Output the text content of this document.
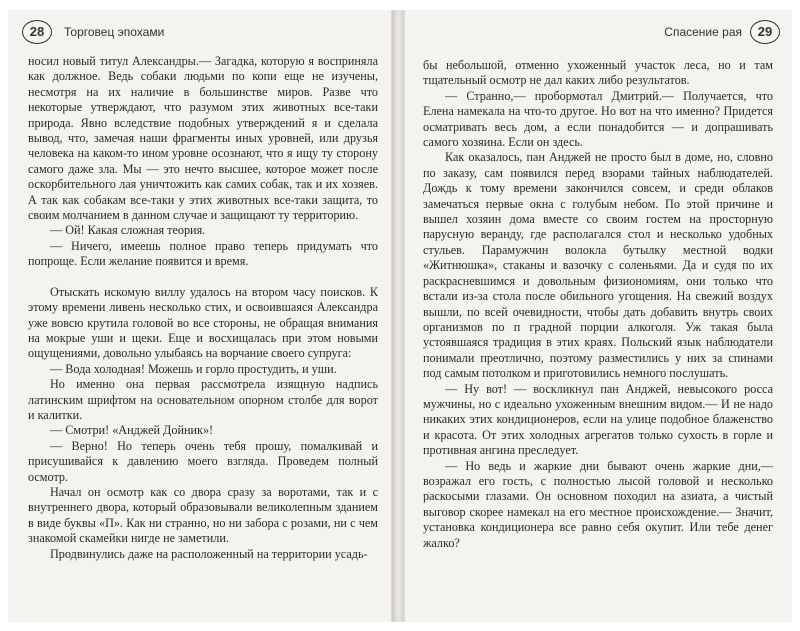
28	Торговец эпохами

носил новый титул Александры.— Загадка, которую я восприняла как должное. Ведь собаки людьми по копи еще не изучены, несмотря на их наличие в большинстве миров. Разве что некоторые утверждают, что разумом этих животных все-таки природа. Явно вследствие подобных утверждений я и сделала вывод, что, замечая наши фрагменты иных уровней, или друзья человека на каком-то ином уровне осознают, что я ищу ту сторону самого даже зла. Мы — это нечто высшее, которое может после оскорбительного лая уничтожить как самих собак, так и их хозяев. А так как собакам все-таки у этих животных все-таки защита, то своим молчанием в данном случае и защищают ту территорию.

— Ой! Какая сложная теория.

— Ничего, имеешь полное право теперь придумать что попроще. Если желание появится и время.

Отыскать искомую виллу удалось на втором часу поисков. К этому времени ливень несколько стих, и освоившаяся Александра уже вовсю крутила головой во все стороны, не обращая внимания на мокрые уши и щеки. Еще и восхищалась при этом новыми ощущениями, довольно улыбаясь на ворчание своего супруга:

— Вода холодная! Можешь и горло простудить, и уши.

Но именно она первая рассмотрела изящную надпись латинским шрифтом на основательном опорном столбе для ворот и калитки.

— Смотри! «Анджей Дойник»!

— Верно! Но теперь очень тебя прошу, помалкивай и присушивайся к давлению моего взгляда. Проведем полный осмотр.

Начал он осмотр как со двора сразу за воротами, так и с внутреннего двора, который образовывали великолепным зданием в виде буквы «П». Как ни странно, но ни забора с розами, ни с чем знакомой скамейки нигде не заметили.

Продвинулись даже на расположенный на территории усадь-

Спасение рая	29

бы небольшой, отменно ухоженный участок леса, но и там тщательный осмотр не дал каких либо результатов.

— Странно,— пробормотал Дмитрий.— Получается, что Елена намекала на что-то другое. Но вот на что именно? Придется осматривать весь дом, а если понадобится — и допрашивать самого хозяина. Если он здесь.

Как оказалось, пан Анджей не просто был в доме, но, словно по заказу, сам появился перед взорами тайных наблюдателей. Дождь к тому времени закончился совсем, и среди облаков замечаться первые окна с голубым небом. По этой причине и вышел хозяин дома вместе со своим гостем на просторную парусную веранду, где располагался стол и несколько удобных стульев. Парамужчин волокла бутылку местной водки «Житнюшка», стаканы и вазочку с соленьями. Да и судя по их раскрасневшимся и довольным физиономиям, они только что встали из-за стола после обильного угощения. На свежий воздух вышли, по всей очевидности, чтобы дать добавить внутрь своих организмов по п градной порции алкоголя. Уж такая была устоявшаяся традиция в этих краях. Польский язык наблюдатели понимали преотлично, поэтому разместились у них за спинами под самым потолком и приготовились немного послушать.

— Ну вот! — воскликнул пан Анджей, невысокого росса мужчины, но с идеально ухоженным внешним видом.— И не надо никаких этих кондиционеров, если на улице подобное блаженство и красота. От этих холодных агрегатов только сухость в горле и противная ангина преследует.

— Но ведь и жаркие дни бывают очень жаркие дни,— возражал его гость, с полностью лысой головой и несколько раскосыми глазами. Он основном походил на азиата, а чистый выговор скорее намекал на его местное происхождение.— Значит, установка кондиционера все равно себя окупит. Или тебе денег жалко?
